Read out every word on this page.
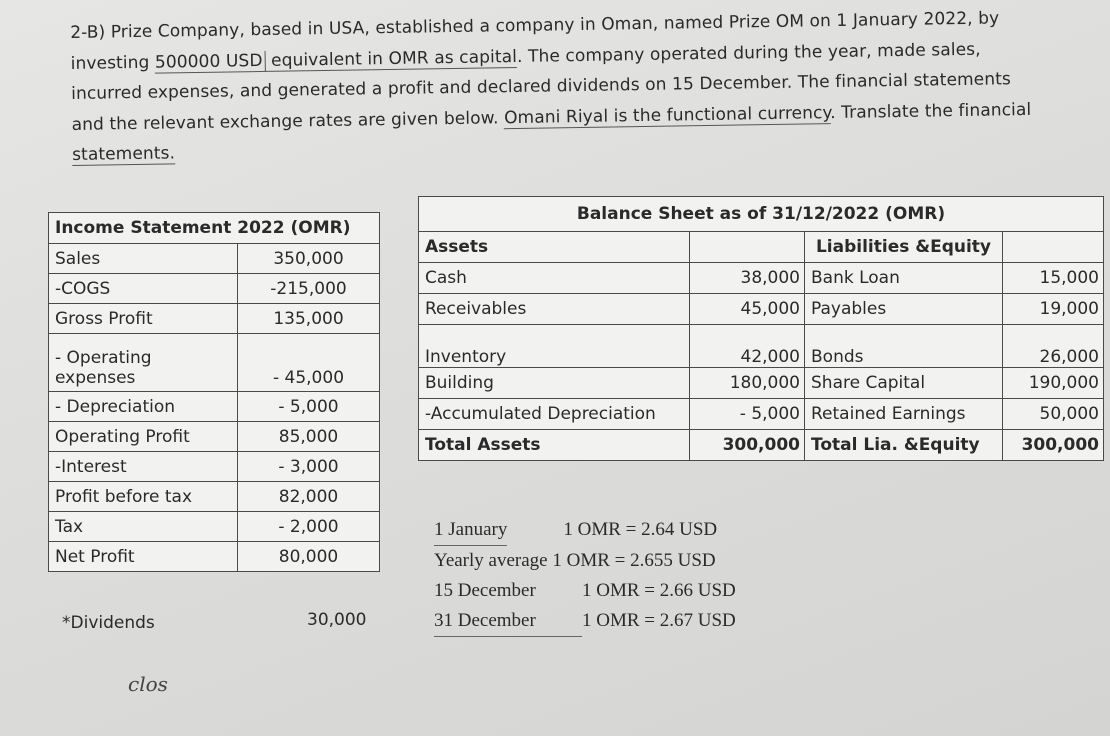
2-B) Prize Company, based in USA, established a company in Oman, named Prize OM on 1 January 2022, by
investing 500000 USD equivalent in OMR as capital. The company operated during the year, made sales,
incurred expenses, and generated a profit and declared dividends on 15 December. The financial statements
and the relevant exchange rates are given below. Omani Riyal is the functional currency. Translate the financial
statements.
Income Statement 2022 (OMR)	
Sales	350,000
-COGS	-215,000
Gross Profit	135,000

- Operating
expenses	- 45,000
- Depreciation	- 5,000
Operating Profit	85,000
-Interest	- 3,000
Profit before tax	82,000
Tax	- 2,000
Net Profit	80,000
*Dividends	30,000
Balance Sheet as of 31/12/2022 (OMR)			
Assets		Liabilities &Equity	
Cash	38,000	Bank Loan	15,000
Receivables	45,000	Payables	19,000
Inventory	42,000	Bonds	26,000
Building	180,000	Share Capital	190,000
-Accumulated Depreciation	- 5,000	Retained Earnings	50,000
Total Assets	300,000	Total Lia. &Equity	300,000
1 January	1 OMR = 2.64 USD
Yearly average 1 OMR = 2.655 USD
15 December 1 OMR = 2.66 USD
31 December 1 OMR = 2.67 USD
clos
